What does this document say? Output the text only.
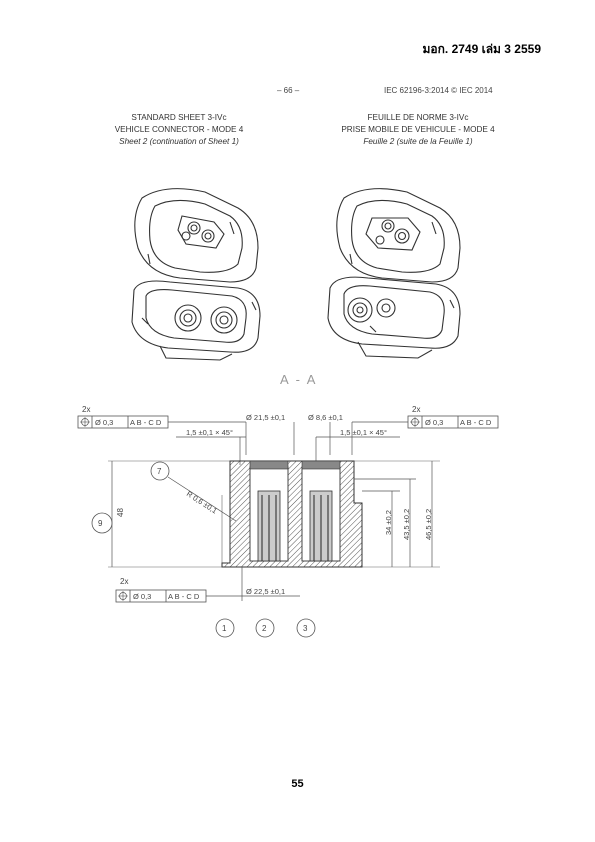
มอก. 2749 เล่ม 3 2559
– 66 –	IEC 62196-3:2014 © IEC 2014
STANDARD SHEET 3-IVc
VEHICLE CONNECTOR - MODE 4
Sheet 2 (continuation of Sheet 1)
FEUILLE DE NORME 3-IVc
PRISE MOBILE DE VEHICULE - MODE 4
Feuille 2 (suite de la Feuille 1)
A - A
2x
Ø 0,3 A B - C D
2x
Ø 0,3 A B - C D
Ø 21,5 ±0,1	Ø 8,6 ±0,1
1,5 ±0,1 × 45°	1,5 ±0,1 × 45°
9
48
7
R 0,6 ±0,1
34 ±0,2 43,5 ±0,2 46,5 ±0,2
Ø 22,5 ±0,1
2x
Ø 0,3 A B - C D
1	2	3
55
